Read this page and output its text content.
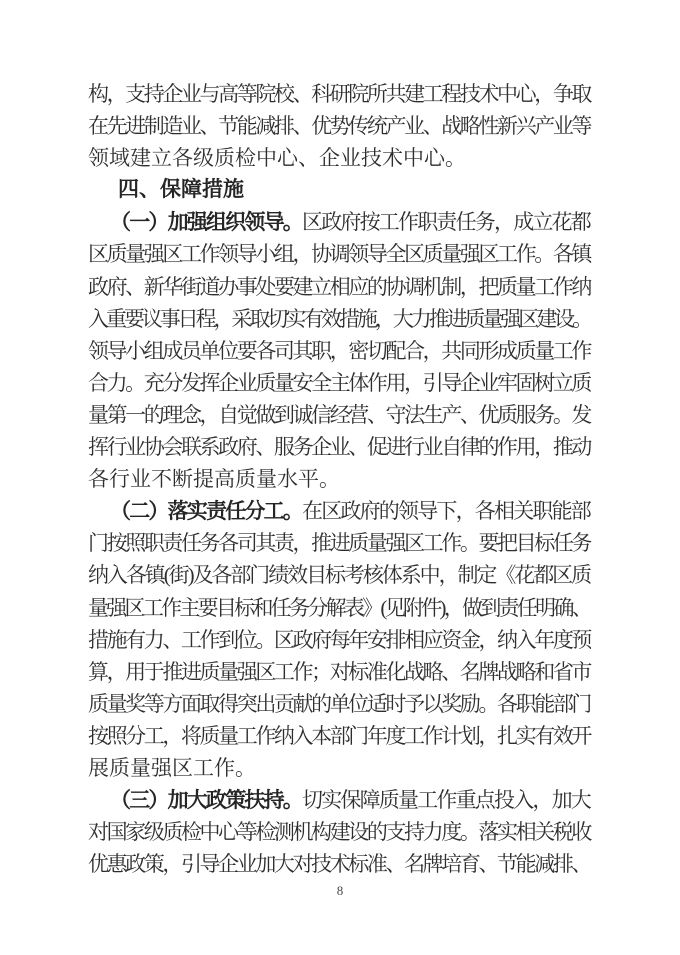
构，支持企业与高等院校、科研院所共建工程技术中心，争取
在先进制造业、节能减排、优势传统产业、战略性新兴产业等
领域建立各级质检中心、企业技术中心。
四、保障措施
（一）加强组织领导。区政府按工作职责任务，成立花都
区质量强区工作领导小组，协调领导全区质量强区工作。各镇
政府、新华街道办事处要建立相应的协调机制，把质量工作纳
入重要议事日程，采取切实有效措施，大力推进质量强区建设。
领导小组成员单位要各司其职，密切配合，共同形成质量工作
合力。充分发挥企业质量安全主体作用，引导企业牢固树立质
量第一的理念，自觉做到诚信经营、守法生产、优质服务。发
挥行业协会联系政府、服务企业、促进行业自律的作用，推动
各行业不断提高质量水平。
（二）落实责任分工。在区政府的领导下，各相关职能部
门按照职责任务各司其责，推进质量强区工作。要把目标任务
纳入各镇(街)及各部门绩效目标考核体系中，制定《花都区质
量强区工作主要目标和任务分解表》(见附件)，做到责任明确、
措施有力、工作到位。区政府每年安排相应资金，纳入年度预
算，用于推进质量强区工作；对标准化战略、名牌战略和省市
质量奖等方面取得突出贡献的单位适时予以奖励。各职能部门
按照分工，将质量工作纳入本部门年度工作计划，扎实有效开
展质量强区工作。
（三）加大政策扶持。切实保障质量工作重点投入，加大
对国家级质检中心等检测机构建设的支持力度。落实相关税收
优惠政策，引导企业加大对技术标准、名牌培育、节能减排、
8
